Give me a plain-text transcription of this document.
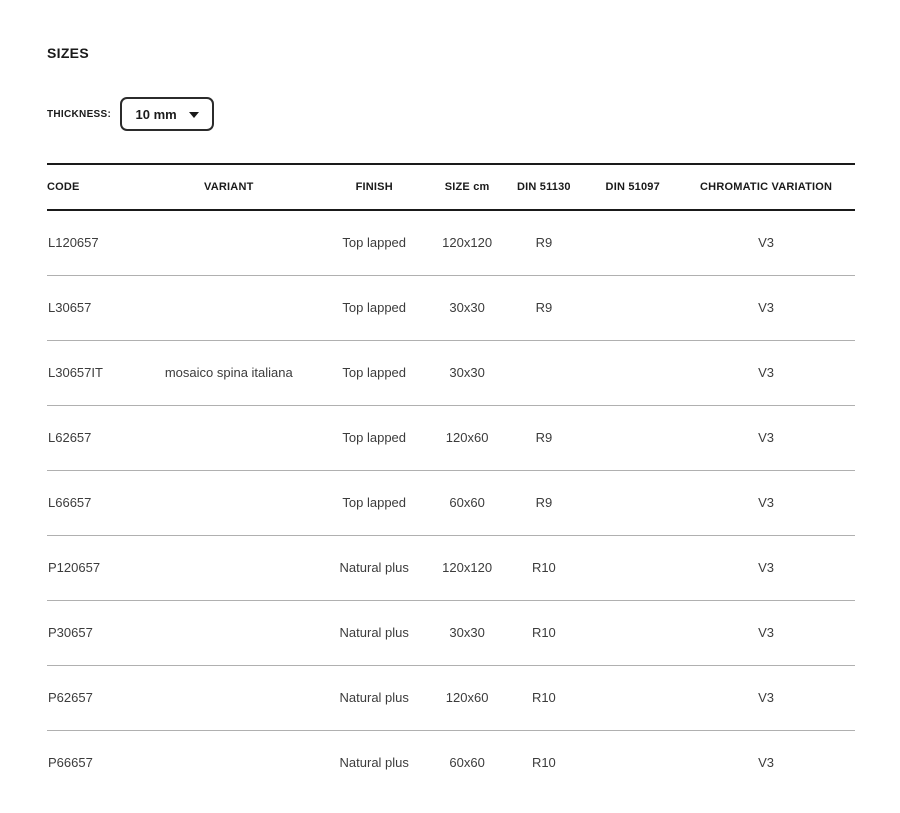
SIZES
THICKNESS: 10 mm
CODE	VARIANT	FINISH	SIZE cm	DIN 51130	DIN 51097	CHROMATIC VARIATION
L120657		Top lapped	120x120	R9		V3
L30657		Top lapped	30x30	R9		V3
L30657IT	mosaico spina italiana	Top lapped	30x30			V3
L62657		Top lapped	120x60	R9		V3
L66657		Top lapped	60x60	R9		V3
P120657		Natural plus	120x120	R10		V3
P30657		Natural plus	30x30	R10		V3
P62657		Natural plus	120x60	R10		V3
P66657		Natural plus	60x60	R10		V3
